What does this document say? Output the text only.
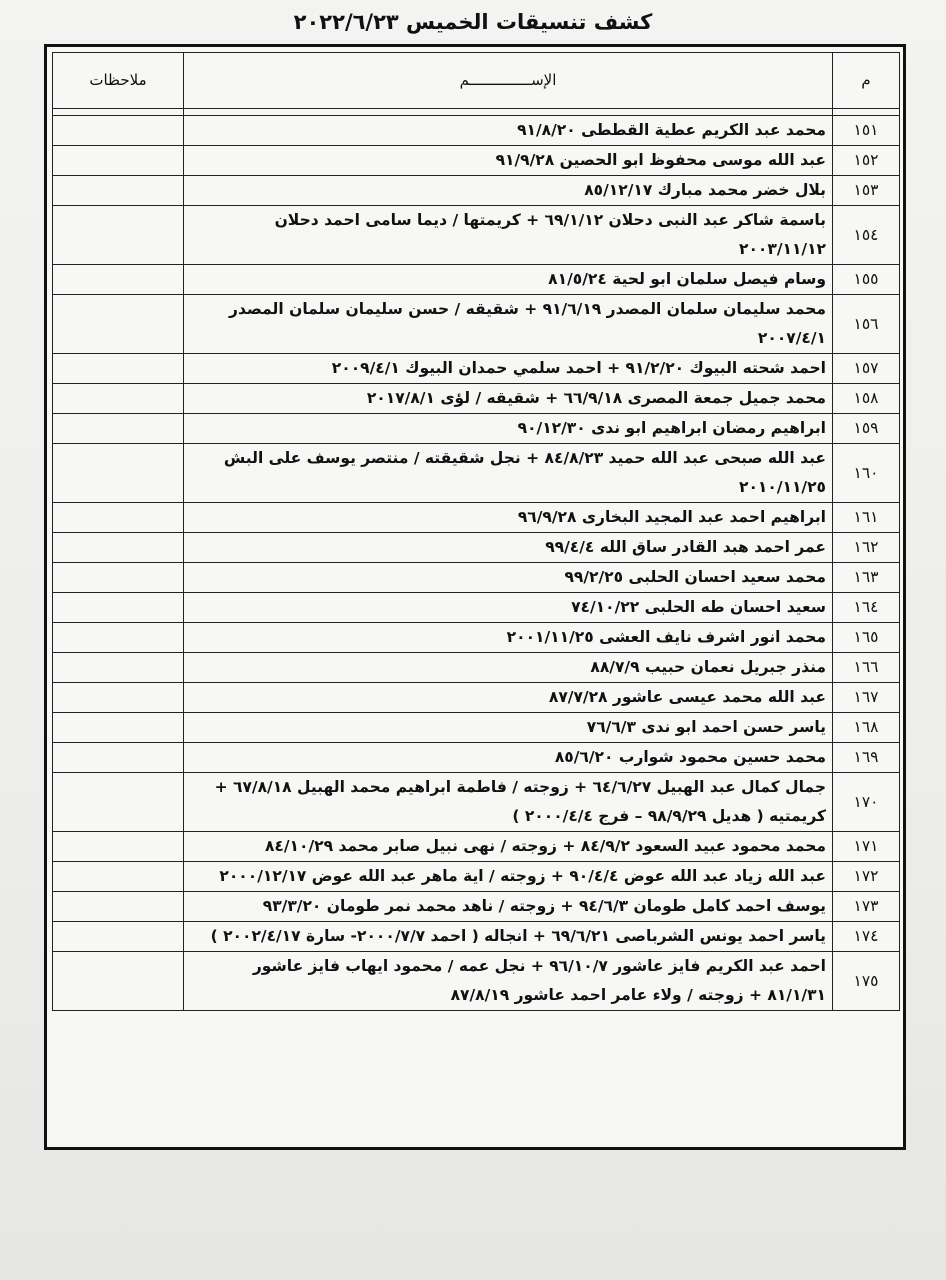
كشف تنسيقات الخميس ٢٠٢٢/٦/٢٣
م	الإســــــــــــــم	ملاحظات

١٥١	محمد عبد الكريم عطية القططى ٩١/٨/٢٠	
١٥٢	عبد الله موسى محفوظ ابو الحصين ٩١/٩/٢٨	
١٥٣	بلال خضر محمد مبارك ٨٥/١٢/١٧	
١٥٤	باسمة شاكر عبد النبى دحلان ٦٩/١/١٢ + كريمتها / ديما سامى احمد دحلان ٢٠٠٣/١١/١٢	
١٥٥	وسام فيصل سلمان ابو لحية ٨١/٥/٢٤	
١٥٦	محمد سليمان سلمان المصدر ٩١/٦/١٩ + شقيقه / حسن سليمان سلمان المصدر ٢٠٠٧/٤/١	
١٥٧	احمد شحته البيوك ٩١/٢/٢٠ + احمد سلمي حمدان البيوك ٢٠٠٩/٤/١	
١٥٨	محمد جميل جمعة المصرى ٦٦/٩/١٨ + شقيقه / لؤى ٢٠١٧/٨/١	
١٥٩	ابراهيم رمضان ابراهيم ابو ندى ٩٠/١٢/٣٠	
١٦٠	عبد الله صبحى عبد الله حميد ٨٤/٨/٢٣ + نجل شقيقته / منتصر يوسف على البش ٢٠١٠/١١/٢٥	
١٦١	ابراهيم احمد عبد المجيد البخارى ٩٦/٩/٢٨	
١٦٢	عمر احمد هبد القادر ساق الله ٩٩/٤/٤	
١٦٣	محمد سعيد احسان الحلبى ٩٩/٢/٢٥	
١٦٤	سعيد احسان طه الحلبى ٧٤/١٠/٢٢	
١٦٥	محمد انور اشرف نايف العشى ٢٠٠١/١١/٢٥	
١٦٦	منذر جبريل نعمان حبيب ٨٨/٧/٩	
١٦٧	عبد الله محمد عيسى عاشور ٨٧/٧/٢٨	
١٦٨	ياسر حسن احمد ابو ندى ٧٦/٦/٣	
١٦٩	محمد حسين محمود شوارب ٨٥/٦/٢٠	
١٧٠	جمال كمال عبد الهبيل ٦٤/٦/٢٧ + زوجته / فاطمة ابراهيم محمد الهبيل ٦٧/٨/١٨ + كريمتيه ( هديل ٩٨/٩/٢٩ – فرج ٢٠٠٠/٤/٤ )	
١٧١	محمد محمود عبيد السعود ٨٤/٩/٢ + زوجته / نهى نبيل صابر محمد ٨٤/١٠/٢٩	
١٧٢	عبد الله زياد عبد الله عوض ٩٠/٤/٤ + زوجته / اية ماهر عبد الله عوض ٢٠٠٠/١٢/١٧	
١٧٣	يوسف احمد كامل طومان ٩٤/٦/٣ + زوجته / ناهد محمد نمر طومان ٩٣/٣/٢٠	
١٧٤	ياسر احمد يونس الشرباصى ٦٩/٦/٢١ + انجاله ( احمد ٢٠٠٠/٧/٧- سارة ٢٠٠٢/٤/١٧ )	
١٧٥	احمد عبد الكريم فايز عاشور ٩٦/١٠/٧ + نجل عمه / محمود ايهاب فايز عاشور ٨١/١/٣١ + زوجته / ولاء عامر احمد عاشور ٨٧/٨/١٩	
